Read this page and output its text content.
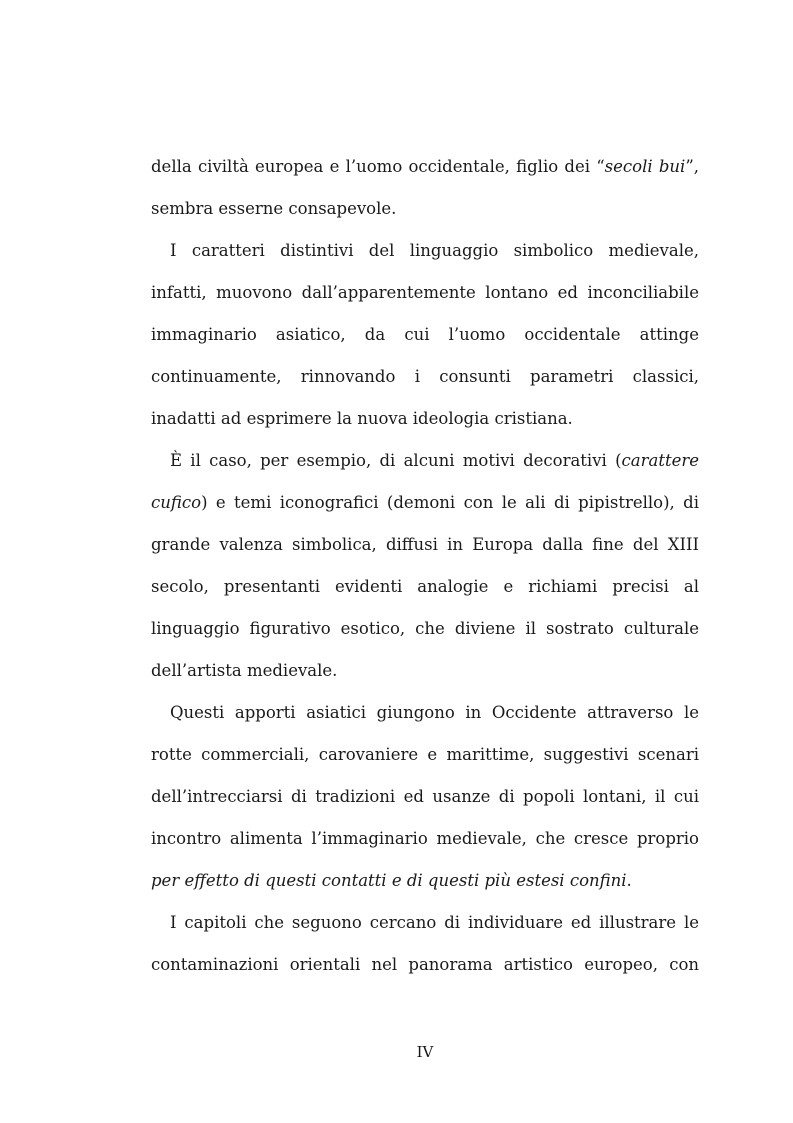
della civiltà europea e l’uomo occidentale, figlio dei “secoli bui”,
sembra esserne consapevole.
I caratteri distintivi del linguaggio simbolico medievale,
infatti, muovono dall’apparentemente lontano ed inconciliabile
immaginario asiatico, da cui l’uomo occidentale attinge
continuamente, rinnovando i consunti parametri classici,
inadatti ad esprimere la nuova ideologia cristiana.
È il caso, per esempio, di alcuni motivi decorativi (carattere
cufico) e temi iconografici (demoni con le ali di pipistrello), di
grande valenza simbolica, diffusi in Europa dalla fine del XIII
secolo, presentanti evidenti analogie e richiami precisi al
linguaggio figurativo esotico, che diviene il sostrato culturale
dell’artista medievale.
Questi apporti asiatici giungono in Occidente attraverso le
rotte commerciali, carovaniere e marittime, suggestivi scenari
dell’intrecciarsi di tradizioni ed usanze di popoli lontani, il cui
incontro alimenta l’immaginario medievale, che cresce proprio
per effetto di questi contatti e di questi più estesi confini.
I capitoli che seguono cercano di individuare ed illustrare le
contaminazioni orientali nel panorama artistico europeo, con
IV
